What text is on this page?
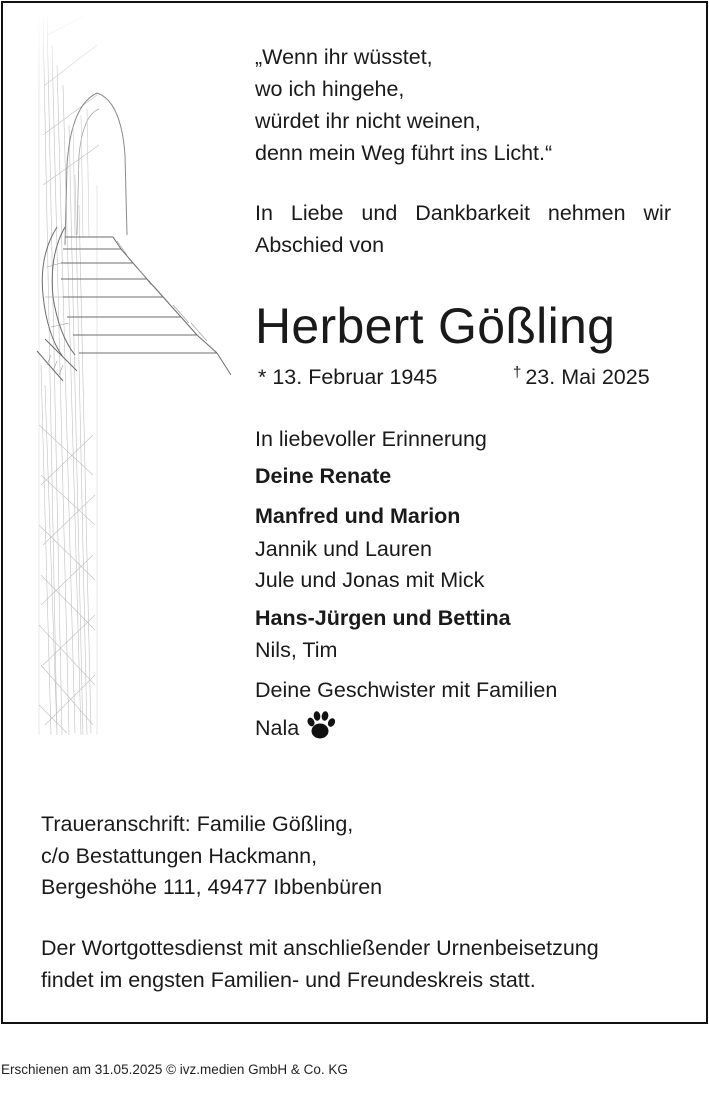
„Wenn ihr wüsstet,
wo ich hingehe,
würdet ihr nicht weinen,
denn mein Weg führt ins Licht.“
In Liebe und Dankbarkeit nehmen wir
Abschied von
Herbert Gößling
* 13. Februar 1945	† 23. Mai 2025
In liebevoller Erinnerung
Deine Renate
Manfred und Marion
Jannik und Lauren
Jule und Jonas mit Mick
Hans-Jürgen und Bettina
Nils, Tim
Deine Geschwister mit Familien
Nala
Traueranschrift: Familie Gößling,
c/o Bestattungen Hackmann,
Bergeshöhe 111, 49477 Ibbenbüren
Der Wortgottesdienst mit anschließender Urnenbeisetzung
findet im engsten Familien- und Freundeskreis statt.
Erschienen am 31.05.2025 © ivz.medien GmbH & Co. KG
